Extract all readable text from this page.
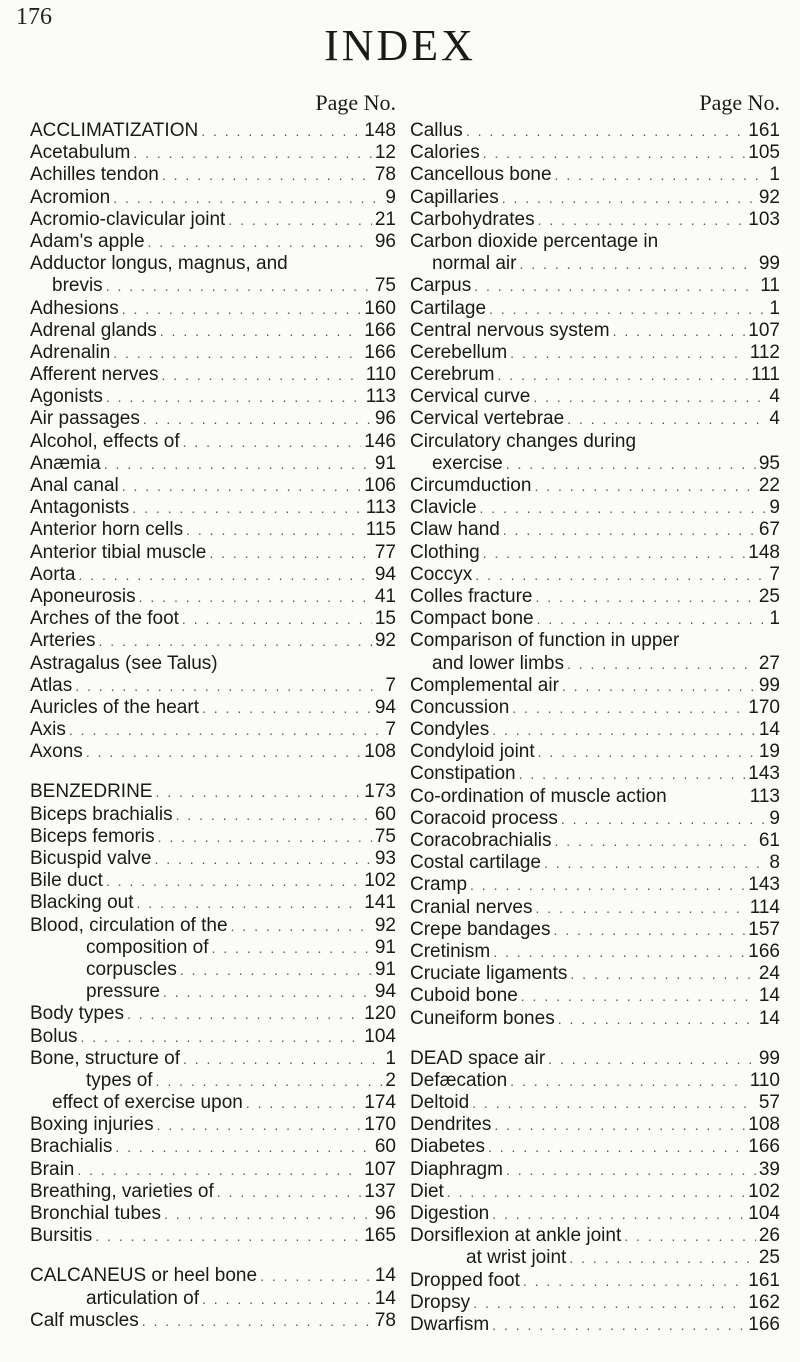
176
INDEX
Page No.
ACCLIMATIZATION . . .	148
Acetabulum . . .	12
Achilles tendon . . .	78
Acromion . . .	9
Acromio-clavicular joint . . .	21
Adam's apple . . .	96
Adductor longus, magnus, and
brevis . . .	75
Adhesions . . .	160
Adrenal glands . . .	166
Adrenalin . . .	166
Afferent nerves . . .	110
Agonists . . .	113
Air passages . . .	96
Alcohol, effects of . . .	146
Anæmia . . .	91
Anal canal . . .	106
Antagonists . . .	113
Anterior horn cells . . .	115
Anterior tibial muscle . . .	77
Aorta . . .	94
Aponeurosis . . .	41
Arches of the foot . . .	15
Arteries . . .	92
Astragalus (see Talus)
Atlas . . .	7
Auricles of the heart . . .	94
Axis . . .	7
Axons . . .	108
BENZEDRINE . . .	173
Biceps brachialis . . .	60
Biceps femoris . . .	75
Bicuspid valve . . .	93
Bile duct . . .	102
Blacking out . . .	141
Blood, circulation of the . . .	92
composition of . . .	91
corpuscles . . .	91
pressure . . .	94
Body types . . .	120
Bolus . . .	104
Bone, structure of . . .	1
types of . . .	2
effect of exercise upon . . .	174
Boxing injuries . . .	170
Brachialis . . .	60
Brain . . .	107
Breathing, varieties of . . .	137
Bronchial tubes . . .	96
Bursitis . . .	165
CALCANEUS or heel bone . . .	14
articulation of . . .	14
Calf muscles . . .	78
Page No.
Callus . . .	161
Calories . . .	105
Cancellous bone . . .	1
Capillaries . . .	92
Carbohydrates . . .	103
Carbon dioxide percentage in
normal air . . .	99
Carpus . . .	11
Cartilage . . .	1
Central nervous system . . .	107
Cerebellum . . .	112
Cerebrum . . .	111
Cervical curve . . .	4
Cervical vertebrae . . .	4
Circulatory changes during
exercise . . .	95
Circumduction . . .	22
Clavicle . . .	9
Claw hand . . .	67
Clothing . . .	148
Coccyx . . .	7
Colles fracture . . .	25
Compact bone . . .	1
Comparison of function in upper
and lower limbs . . .	27
Complemental air . . .	99
Concussion . . .	170
Condyles . . .	14
Condyloid joint . . .	19
Constipation . . .	143
Co-ordination of muscle action	113
Coracoid process . . .	9
Coracobrachialis . . .	61
Costal cartilage . . .	8
Cramp . . .	143
Cranial nerves . . .	114
Crepe bandages . . .	157
Cretinism . . .	166
Cruciate ligaments . . .	24
Cuboid bone . . .	14
Cuneiform bones . . .	14
DEAD space air . . .	99
Defæcation . . .	110
Deltoid . . .	57
Dendrites . . .	108
Diabetes . . .	166
Diaphragm . . .	39
Diet . . .	102
Digestion . . .	104
Dorsiflexion at ankle joint . . .	26
at wrist joint . . .	25
Dropped foot . . .	161
Dropsy . . .	162
Dwarfism . . .	166
